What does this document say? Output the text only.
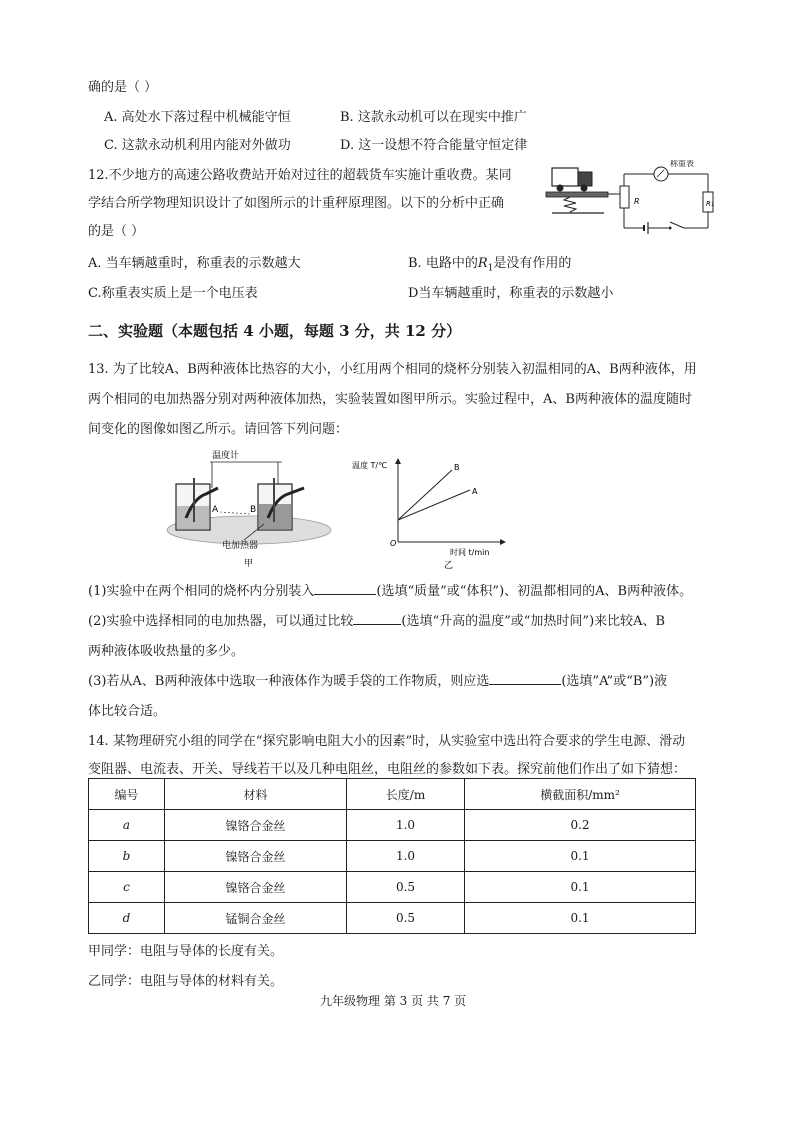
确的是（ ）
A. 高处水下落过程中机械能守恒	B. 这款永动机可以在现实中推广
C. 这款永动机利用内能对外做功	D. 这一设想不符合能量守恒定律
12.不少地方的高速公路收费站开始对过往的超载货车实施计重收费。某同
学结合所学物理知识设计了如图所示的计重秤原理图。以下的分析中正确
的是（ ）
A. 当车辆越重时，称重表的示数越大	B. 电路中的$R_1$是没有作用的
C.称重表实质上是一个电压表	D当车辆越重时，称重表的示数越小
R
称重表
R₁
二、实验题（本题包括 4 小题，每题 3 分，共 12 分）
13. 为了比较A、B两种液体比热容的大小，小红用两个相同的烧杯分别装入初温相同的A、B两种液体，用
两个相同的电加热器分别对两种液体加热，实验装置如图甲所示。实验过程中，A、B两种液体的温度随时
间变化的图像如图乙所示。请回答下列问题：
温度计
A	B
电加热器
甲
温度 T/℃
时间 t/min
O
B
A
乙
(1)实验中在两个相同的烧杯内分别装入	(选填“质量”或“体积”)、初温都相同的A、B两种液体。
(2)实验中选择相同的电加热器，可以通过比较	(选填“升高的温度”或“加热时间”)来比较A、B
两种液体吸收热量的多少。
(3)若从A、B两种液体中选取一种液体作为暖手袋的工作物质，则应选	(选填”A”或“B”)液
体比较合适。
14. 某物理研究小组的同学在“探究影响电阻大小的因素”时，从实验室中选出符合要求的学生电源、滑动
变阻器、电流表、开关、导线若干以及几种电阻丝，电阻丝的参数如下表。探究前他们作出了如下猜想：
编号	材料	长度/m	横截面积/mm²
a	镍铬合金丝	1.0	0.2
b	镍铬合金丝	1.0	0.1
c	镍铬合金丝	0.5	0.1
d	锰铜合金丝	0.5	0.1
甲同学：电阻与导体的长度有关。
乙同学：电阻与导体的材料有关。
九年级物理 第 3 页 共 7 页
